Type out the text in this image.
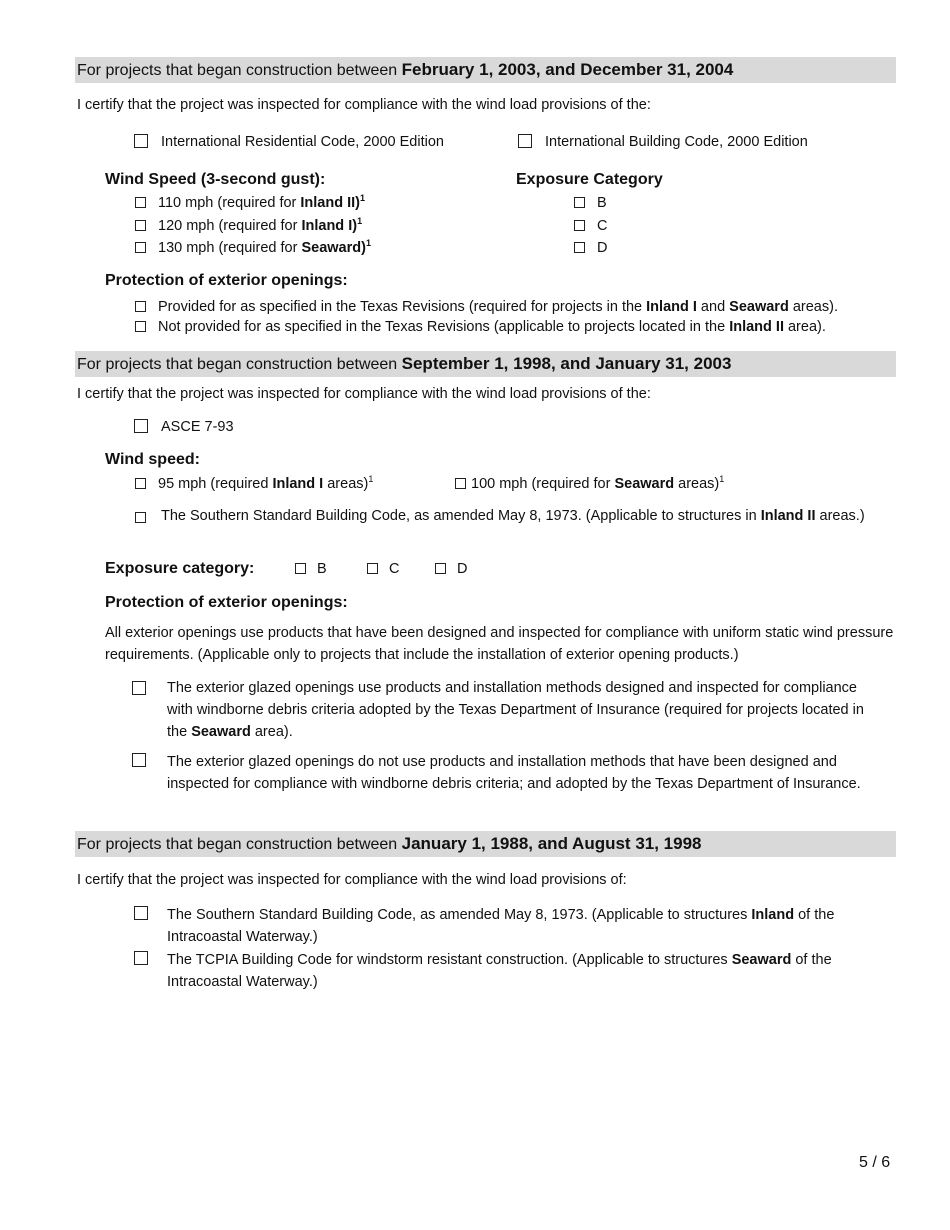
For projects that began construction between February 1, 2003, and December 31, 2004
I certify that the project was inspected for compliance with the wind load provisions of the:
International Residential Code, 2000 Edition	International Building Code, 2000 Edition
Wind Speed (3-second gust):	Exposure Category
110 mph (required for Inland II)$^1$
120 mph (required for Inland I)$^1$
130 mph (required for Seaward)$^1$
B
C
D
Protection of exterior openings:
Provided for as specified in the Texas Revisions (required for projects in the Inland I and Seaward areas).
Not provided for as specified in the Texas Revisions (applicable to projects located in the Inland II area).
For projects that began construction between September 1, 1998, and January 31, 2003
I certify that the project was inspected for compliance with the wind load provisions of the:
ASCE 7-93
Wind speed:
95 mph (required Inland I areas)$^1$	100 mph (required for Seaward areas)$^1$
The Southern Standard Building Code, as amended May 8, 1973. (Applicable to structures in Inland II areas.)
Exposure category:	B	C	D
Protection of exterior openings:
All exterior openings use products that have been designed and inspected for compliance with uniform static wind pressure requirements. (Applicable only to projects that include the installation of exterior opening products.)
The exterior glazed openings use products and installation methods designed and inspected for compliance with windborne debris criteria adopted by the Texas Department of Insurance (required for projects located in the Seaward area).
The exterior glazed openings do not use products and installation methods that have been designed and inspected for compliance with windborne debris criteria; and adopted by the Texas Department of Insurance.
For projects that began construction between January 1, 1988, and August 31, 1998
I certify that the project was inspected for compliance with the wind load provisions of:
The Southern Standard Building Code, as amended May 8, 1973. (Applicable to structures Inland of the Intracoastal Waterway.)
The TCPIA Building Code for windstorm resistant construction. (Applicable to structures Seaward of the Intracoastal Waterway.)
5 / 6
